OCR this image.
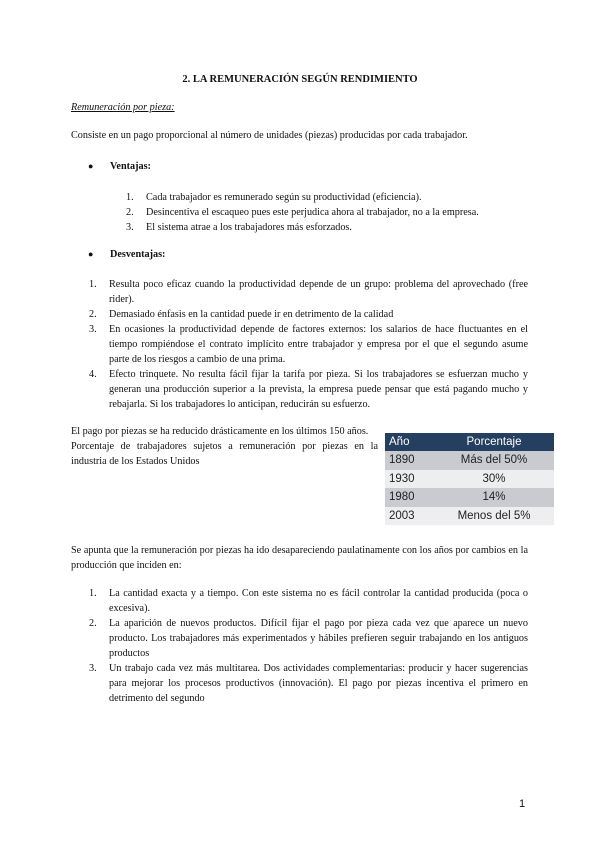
2. LA REMUNERACIÓN SEGÚN RENDIMIENTO
Remuneración por pieza:
Consiste en un pago proporcional al número de unidades (piezas) producidas por cada trabajador.
● Ventajas:
1. Cada trabajador es remunerado según su productividad (eficiencia).
2. Desincentiva el escaqueo pues este perjudica ahora al trabajador, no a la empresa.
3. El sistema atrae a los trabajadores más esforzados.
● Desventajas:
1. Resulta poco eficaz cuando la productividad depende de un grupo: problema del aprovechado (free rider).
2. Demasiado énfasis en la cantidad puede ir en detrimento de la calidad
3. En ocasiones la productividad depende de factores externos: los salarios de hace fluctuantes en el tiempo rompiéndose el contrato implícito entre trabajador y empresa por el que el segundo asume parte de los riesgos a cambio de una prima.
4. Efecto trinquete. No resulta fácil fijar la tarifa por pieza. Si los trabajadores se esfuerzan mucho y generan una producción superior a la prevista, la empresa puede pensar que está pagando mucho y rebajarla. Si los trabajadores lo anticipan, reducirán su esfuerzo.
El pago por piezas se ha reducido drásticamente en los últimos 150 años.
Porcentaje de trabajadores sujetos a remuneración por piezas en la industria de los Estados Unidos
Año	Porcentaje
1890	Más del 50%
1930	30%
1980	14%
2003	Menos del 5%
Se apunta que la remuneración por piezas ha ido desapareciendo paulatinamente con los años por cambios en la producción que inciden en:
1. La cantidad exacta y a tiempo. Con este sistema no es fácil controlar la cantidad producida (poca o excesiva).
2. La aparición de nuevos productos. Difícil fijar el pago por pieza cada vez que aparece un nuevo producto. Los trabajadores más experimentados y hábiles prefieren seguir trabajando en los antiguos productos
3. Un trabajo cada vez más multitarea. Dos actividades complementarias: producir y hacer sugerencias para mejorar los procesos productivos (innovación). El pago por piezas incentiva el primero en detrimento del segundo
1
